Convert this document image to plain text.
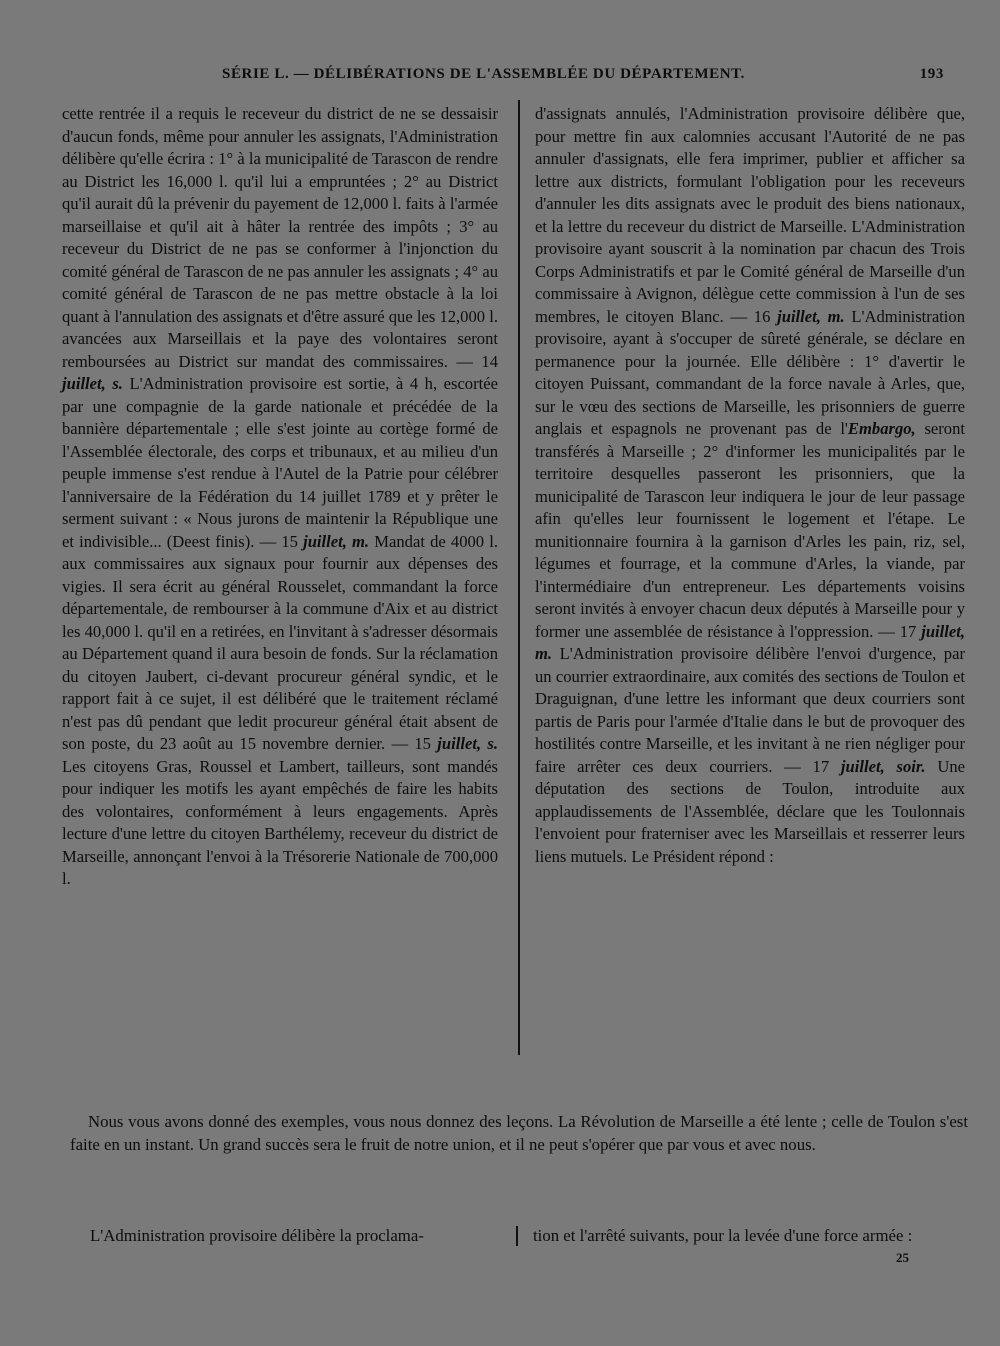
SÉRIE L. — DÉLIBÉRATIONS DE L'ASSEMBLÉE DU DÉPARTEMENT.	193

cette rentrée il a requis le receveur du district de ne se dessaisir d'aucun fonds, même pour annuler les assignats, l'Administration délibère qu'elle écrira : 1° à la municipalité de Tarascon de rendre au District les 16,000 l. qu'il lui a empruntées ; 2° au District qu'il aurait dû la prévenir du payement de 12,000 l. faits à l'armée marseillaise et qu'il ait à hâter la rentrée des impôts ; 3° au receveur du District de ne pas se conformer à l'injonction du comité général de Tarascon de ne pas annuler les assignats ; 4° au comité général de Tarascon de ne pas mettre obstacle à la loi quant à l'annulation des assignats et d'être assuré que les 12,000 l. avancées aux Marseillais et la paye des volontaires seront remboursées au District sur mandat des commissaires. — 14 juillet, s. L'Administration provisoire est sortie, à 4 h, escortée par une compagnie de la garde nationale et précédée de la bannière départementale ; elle s'est jointe au cortège formé de l'Assemblée électorale, des corps et tribunaux, et au milieu d'un peuple immense s'est rendue à l'Autel de la Patrie pour célébrer l'anniversaire de la Fédération du 14 juillet 1789 et y prêter le serment suivant : « Nous jurons de maintenir la République une et indivisible... (Deest finis). — 15 juillet, m. Mandat de 4000 l. aux commissaires aux signaux pour fournir aux dépenses des vigies. Il sera écrit au général Rousselet, commandant la force départementale, de rembourser à la commune d'Aix et au district les 40,000 l. qu'il en a retirées, en l'invitant à s'adresser désormais au Département quand il aura besoin de fonds. Sur la réclamation du citoyen Jaubert, ci-devant procureur général syndic, et le rapport fait à ce sujet, il est délibéré que le traitement réclamé n'est pas dû pendant que ledit procureur général était absent de son poste, du 23 août au 15 novembre dernier. — 15 juillet, s. Les citoyens Gras, Roussel et Lambert, tailleurs, sont mandés pour indiquer les motifs les ayant empêchés de faire les habits des volontaires, conformément à leurs engagements. Après lecture d'une lettre du citoyen Barthélemy, receveur du district de Marseille, annonçant l'envoi à la Trésorerie Nationale de 700,000 l.

d'assignats annulés, l'Administration provisoire délibère que, pour mettre fin aux calomnies accusant l'Autorité de ne pas annuler d'assignats, elle fera imprimer, publier et afficher sa lettre aux districts, formulant l'obligation pour les receveurs d'annuler les dits assignats avec le produit des biens nationaux, et la lettre du receveur du district de Marseille. L'Administration provisoire ayant souscrit à la nomination par chacun des Trois Corps Administratifs et par le Comité général de Marseille d'un commissaire à Avignon, délègue cette commission à l'un de ses membres, le citoyen Blanc. — 16 juillet, m. L'Administration provisoire, ayant à s'occuper de sûreté générale, se déclare en permanence pour la journée. Elle délibère : 1° d'avertir le citoyen Puissant, commandant de la force navale à Arles, que, sur le vœu des sections de Marseille, les prisonniers de guerre anglais et espagnols ne provenant pas de l'Embargo, seront transférés à Marseille ; 2° d'informer les municipalités par le territoire desquelles passeront les prisonniers, que la municipalité de Tarascon leur indiquera le jour de leur passage afin qu'elles leur fournissent le logement et l'étape. Le munitionnaire fournira à la garnison d'Arles les pain, riz, sel, légumes et fourrage, et la commune d'Arles, la viande, par l'intermédiaire d'un entrepreneur. Les départements voisins seront invités à envoyer chacun deux députés à Marseille pour y former une assemblée de résistance à l'oppression. — 17 juillet, m. L'Administration provisoire délibère l'envoi d'urgence, par un courrier extraordinaire, aux comités des sections de Toulon et Draguignan, d'une lettre les informant que deux courriers sont partis de Paris pour l'armée d'Italie dans le but de provoquer des hostilités contre Marseille, et les invitant à ne rien négliger pour faire arrêter ces deux courriers. — 17 juillet, soir. Une députation des sections de Toulon, introduite aux applaudissements de l'Assemblée, déclare que les Toulonnais l'envoient pour fraterniser avec les Marseillais et resserrer leurs liens mutuels. Le Président répond :

Nous vous avons donné des exemples, vous nous donnez des leçons. La Révolution de Marseille a été lente ; celle de Toulon s'est faite en un instant. Un grand succès sera le fruit de notre union, et il ne peut s'opérer que par vous et avec nous.

L'Administration provisoire délibère la proclama-	tion et l'arrêté suivants, pour la levée d'une force armée :
25
